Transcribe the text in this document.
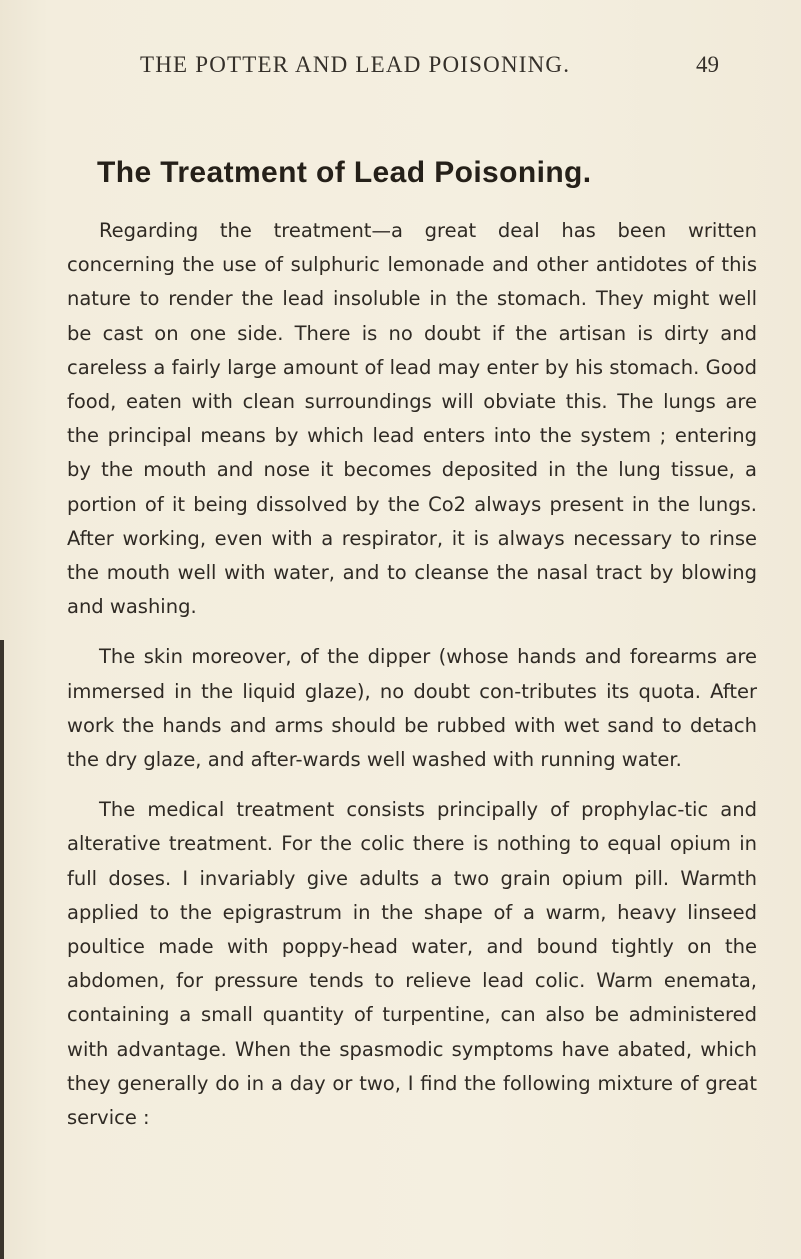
THE POTTER AND LEAD POISONING.	49
The Treatment of Lead Poisoning.

Regarding the treatment—a great deal has been written concerning the use of sulphuric lemonade and other antidotes of this nature to render the lead insoluble in the stomach. They might well be cast on one side. There is no doubt if the artisan is dirty and careless a fairly large amount of lead may enter by his stomach. Good food, eaten with clean surroundings will obviate this. The lungs are the principal means by which lead enters into the system ; entering by the mouth and nose it becomes deposited in the lung tissue, a portion of it being dissolved by the Co2 always present in the lungs. After working, even with a respirator, it is always necessary to rinse the mouth well with water, and to cleanse the nasal tract by blowing and washing.

The skin moreover, of the dipper (whose hands and forearms are immersed in the liquid glaze), no doubt con-tributes its quota. After work the hands and arms should be rubbed with wet sand to detach the dry glaze, and after-wards well washed with running water.

The medical treatment consists principally of prophylac-tic and alterative treatment. For the colic there is nothing to equal opium in full doses. I invariably give adults a two grain opium pill. Warmth applied to the epigrastrum in the shape of a warm, heavy linseed poultice made with poppy-head water, and bound tightly on the abdomen, for pressure tends to relieve lead colic. Warm enemata, containing a small quantity of turpentine, can also be administered with advantage. When the spasmodic symptoms have abated, which they generally do in a day or two, I find the following mixture of great service :
